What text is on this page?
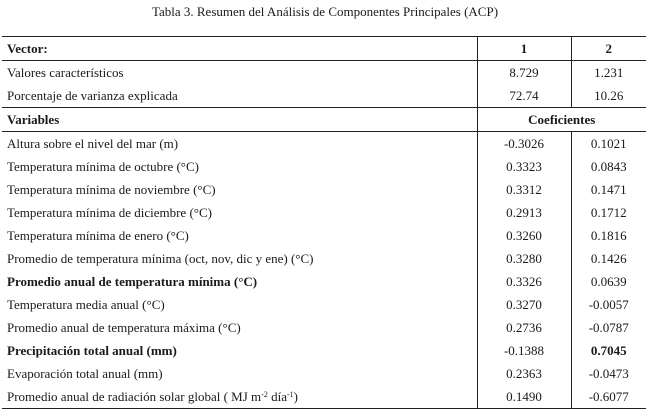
Tabla 3. Resumen del Análisis de Componentes Principales (ACP)
Vector:	1	2
Valores característicos	8.729	1.231
Porcentaje de varianza explicada	72.74	10.26
Variables	Coeficientes	
Altura sobre el nivel del mar (m)	-0.3026	0.1021
Temperatura mínima de octubre (°C)	0.3323	0.0843
Temperatura mínima de noviembre (°C)	0.3312	0.1471
Temperatura mínima de diciembre (°C)	0.2913	0.1712
Temperatura mínima de enero (°C)	0.3260	0.1816
Promedio de temperatura mínima (oct, nov, dic y ene) (°C)	0.3280	0.1426
Promedio anual de temperatura mínima (°C)	0.3326	0.0639
Temperatura media anual (°C)	0.3270	-0.0057
Promedio anual de temperatura máxima (°C)	0.2736	-0.0787
Precipitación total anual (mm)	-0.1388	0.7045
Evaporación total anual (mm)	0.2363	-0.0473
Promedio anual de radiación solar global ( MJ $m^{-2}$ día$^{-1}$)	0.1490	-0.6077
